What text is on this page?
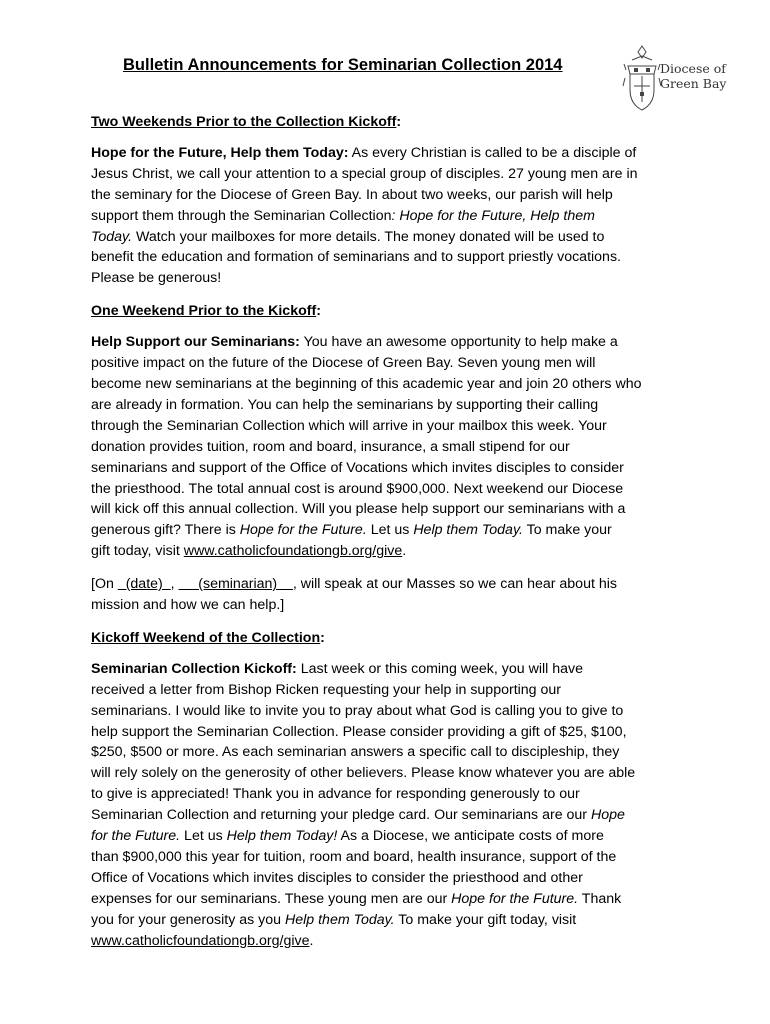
Bulletin Announcements for Seminarian Collection 2014	Diocese of
Green Bay
Two Weekends Prior to the Collection Kickoff:
Hope for the Future, Help them Today: As every Christian is called to be a disciple of
Jesus Christ, we call your attention to a special group of disciples. 27 young men are in
the seminary for the Diocese of Green Bay. In about two weeks, our parish will help
support them through the Seminarian Collection: Hope for the Future, Help them
Today. Watch your mailboxes for more details. The money donated will be used to
benefit the education and formation of seminarians and to support priestly vocations.
Please be generous!
One Weekend Prior to the Kickoff:
Help Support our Seminarians: You have an awesome opportunity to help make a
positive impact on the future of the Diocese of Green Bay. Seven young men will
become new seminarians at the beginning of this academic year and join 20 others who
are already in formation. You can help the seminarians by supporting their calling
through the Seminarian Collection which will arrive in your mailbox this week. Your
donation provides tuition, room and board, insurance, a small stipend for our
seminarians and support of the Office of Vocations which invites disciples to consider
the priesthood. The total annual cost is around $900,000. Next weekend our Diocese
will kick off this annual collection. Will you please help support our seminarians with a
generous gift? There is Hope for the Future. Let us Help them Today. To make your
gift today, visit www.catholicfoundationgb.org/give.
[On   (date)  ,      (seminarian)    , will speak at our Masses so we can hear about his
mission and how we can help.]
Kickoff Weekend of the Collection:
Seminarian Collection Kickoff: Last week or this coming week, you will have
received a letter from Bishop Ricken requesting your help in supporting our
seminarians. I would like to invite you to pray about what God is calling you to give to
help support the Seminarian Collection. Please consider providing a gift of $25, $100,
$250, $500 or more. As each seminarian answers a specific call to discipleship, they
will rely solely on the generosity of other believers. Please know whatever you are able
to give is appreciated! Thank you in advance for responding generously to our
Seminarian Collection and returning your pledge card. Our seminarians are our Hope
for the Future. Let us Help them Today! As a Diocese, we anticipate costs of more
than $900,000 this year for tuition, room and board, health insurance, support of the
Office of Vocations which invites disciples to consider the priesthood and other
expenses for our seminarians. These young men are our Hope for the Future. Thank
you for your generosity as you Help them Today. To make your gift today, visit
www.catholicfoundationgb.org/give.
